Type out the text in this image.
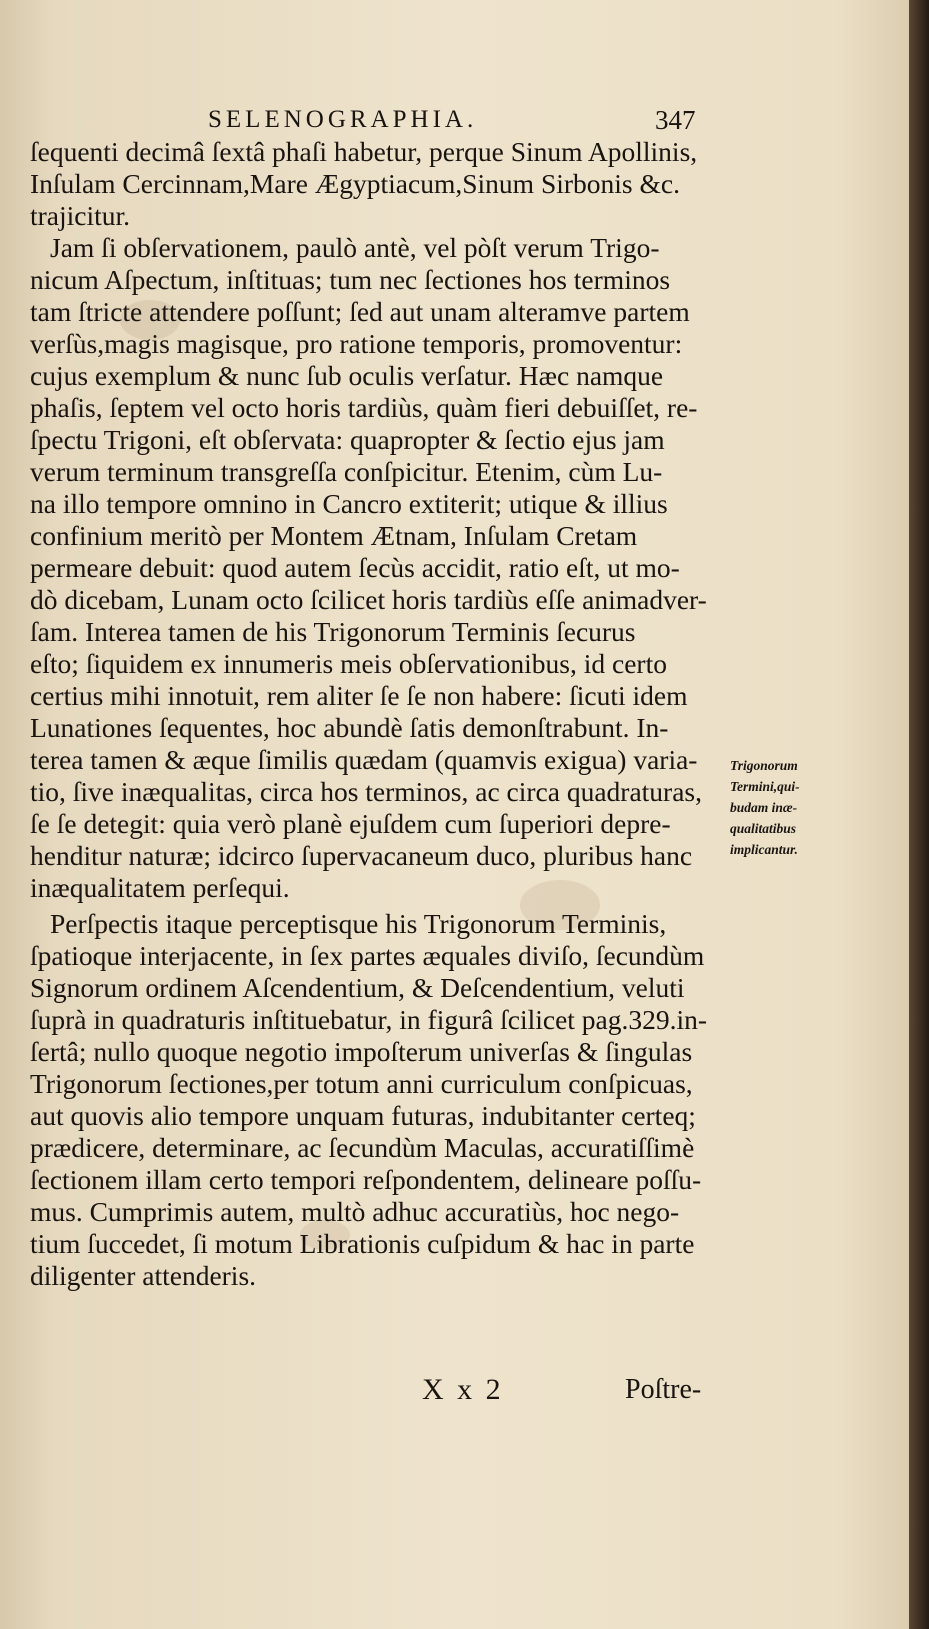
SELENOGRAPHIA.	347
ſequenti decimâ ſextâ phaſi habetur, perque Sinum Apollinis,
Inſulam Cercinnam,Mare Ægyptiacum,Sinum Sirbonis &c.
trajicitur.
Jam ſi obſervationem, paulò antè, vel pòſt verum Trigo-
nicum Aſpectum, inſtituas; tum nec ſectiones hos terminos
tam ſtricte attendere poſſunt; ſed aut unam alteramve partem
verſùs,magis magisque, pro ratione temporis, promoventur:
cujus exemplum & nunc ſub oculis verſatur. Hæc namque
phaſis, ſeptem vel octo horis tardiùs, quàm fieri debuiſſet, re-
ſpectu Trigoni, eſt obſervata: quapropter & ſectio ejus jam
verum terminum transgreſſa conſpicitur. Etenim, cùm Lu-
na illo tempore omnino in Cancro extiterit; utique & illius
confinium meritò per Montem Ætnam, Inſulam Cretam
permeare debuit: quod autem ſecùs accidit, ratio eſt, ut mo-
dò dicebam, Lunam octo ſcilicet horis tardiùs eſſe animadver-
ſam. Interea tamen de his Trigonorum Terminis ſecurus
eſto; ſiquidem ex innumeris meis obſervationibus, id certo
certius mihi innotuit, rem aliter ſe ſe non habere: ſicuti idem
Lunationes ſequentes, hoc abundè ſatis demonſtrabunt. In-
terea tamen & æque ſimilis quædam (quamvis exigua) varia-
tio, ſive inæqualitas, circa hos terminos, ac circa quadraturas,
ſe ſe detegit: quia verò planè ejuſdem cum ſuperiori depre-
henditur naturæ; idcirco ſupervacaneum duco, pluribus hanc
inæqualitatem perſequi.
Perſpectis itaque perceptisque his Trigonorum Terminis,
ſpatioque interjacente, in ſex partes æquales diviſo, ſecundùm
Signorum ordinem Aſcendentium, & Deſcendentium, veluti
ſuprà in quadraturis inſtituebatur, in figurâ ſcilicet pag.329.in-
ſertâ; nullo quoque negotio impoſterum univerſas & ſingulas
Trigonorum ſectiones,per totum anni curriculum conſpicuas,
aut quovis alio tempore unquam futuras, indubitanter certeq;
prædicere, determinare, ac ſecundùm Maculas, accuratiſſimè
ſectionem illam certo tempori reſpondentem, delineare poſſu-
mus. Cumprimis autem, multò adhuc accuratiùs, hoc nego-
tium ſuccedet, ſi motum Librationis cuſpidum & hac in parte
diligenter attenderis.
Trigonorum
Termini,qui-
budam inæ-
qualitatibus
implicantur.
X x 2	Poſtre-
